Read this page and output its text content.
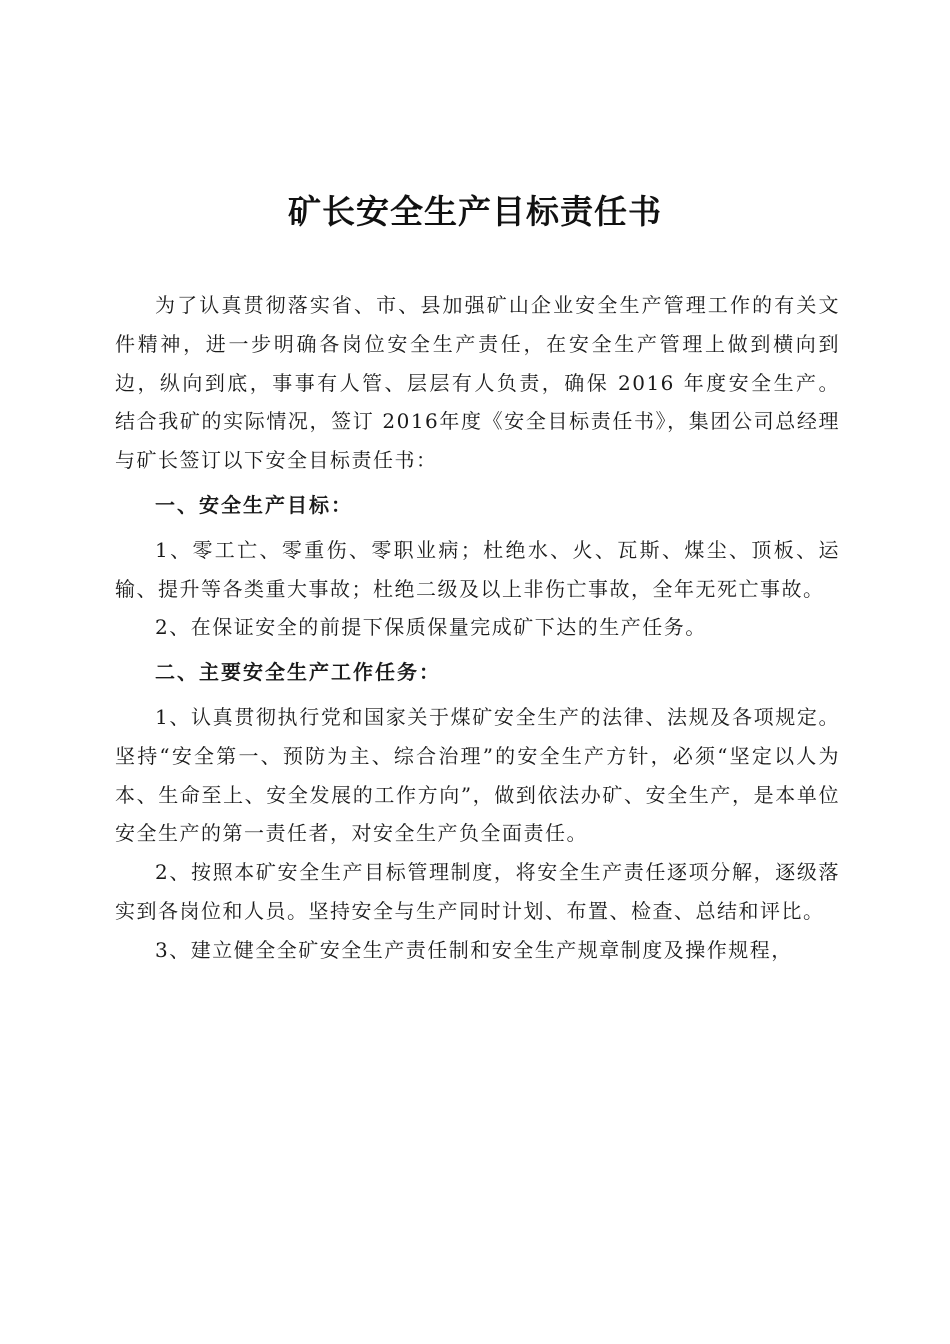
矿长安全生产目标责任书

为了认真贯彻落实省、市、县加强矿山企业安全生产管理工作的有关文件精神，进一步明确各岗位安全生产责任，在安全生产管理上做到横向到边，纵向到底，事事有人管、层层有人负责，确保 2016 年度安全生产。 结合我矿的实际情况，签订 2016年度《安全目标责任书》，集团公司总经理与矿长签订以下安全目标责任书：

一、安全生产目标：

1、零工亡、零重伤、零职业病；杜绝水、火、瓦斯、煤尘、顶板、运输、提升等各类重大事故；杜绝二级及以上非伤亡事故，全年无死亡事故。

2、在保证安全的前提下保质保量完成矿下达的生产任务。

二、主要安全生产工作任务：

1、认真贯彻执行党和国家关于煤矿安全生产的法律、法规及各项规定。坚持“安全第一、预防为主、综合治理”的安全生产方针，必须“坚定以人为本、生命至上、安全发展的工作方向”，做到依法办矿、安全生产，是本单位安全生产的第一责任者，对安全生产负全面责任。

2、按照本矿安全生产目标管理制度，将安全生产责任逐项分解，逐级落实到各岗位和人员。坚持安全与生产同时计划、布置、检查、总结和评比。

3、建立健全全矿安全生产责任制和安全生产规章制度及操作规程，
